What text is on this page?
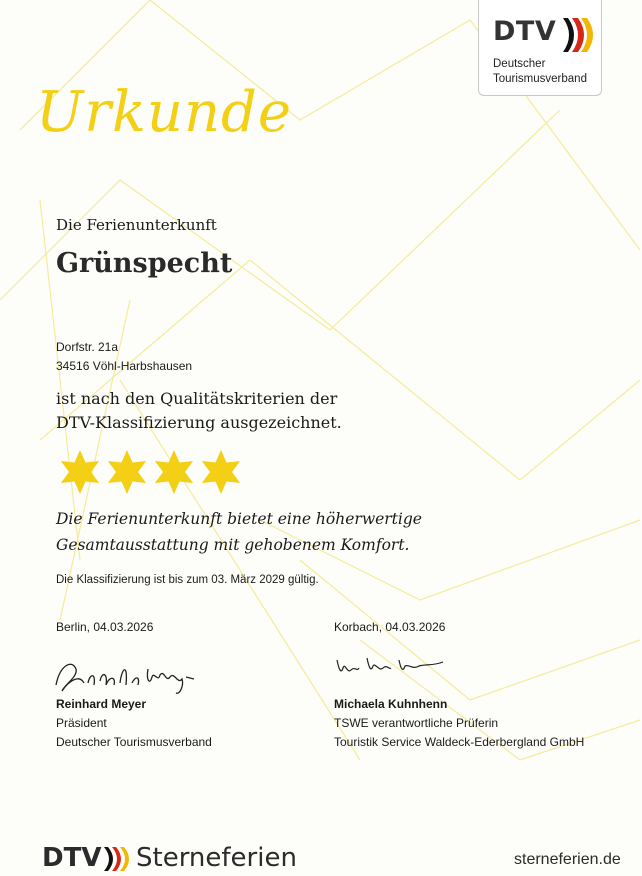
DTV
Deutscher
Tourismusverband
Urkunde
Die Ferienunterkunft
Grünspecht
Dorfstr. 21a
34516 Vöhl-Harbshausen
ist nach den Qualitätskriterien der
DTV-Klassifizierung ausgezeichnet.
Die Ferienunterkunft bietet eine höherwertige
Gesamtausstattung mit gehobenem Komfort.
Die Klassifizierung ist bis zum 03. März 2029 gültig.
Berlin, 04.03.2026	Korbach, 04.03.2026
Reinhard Meyer
Präsident
Deutscher Tourismusverband
Michaela Kuhnhenn
TSWE verantwortliche Prüferin
Touristik Service Waldeck-Ederbergland GmbH
DTV Sterneferien	sterneferien.de
